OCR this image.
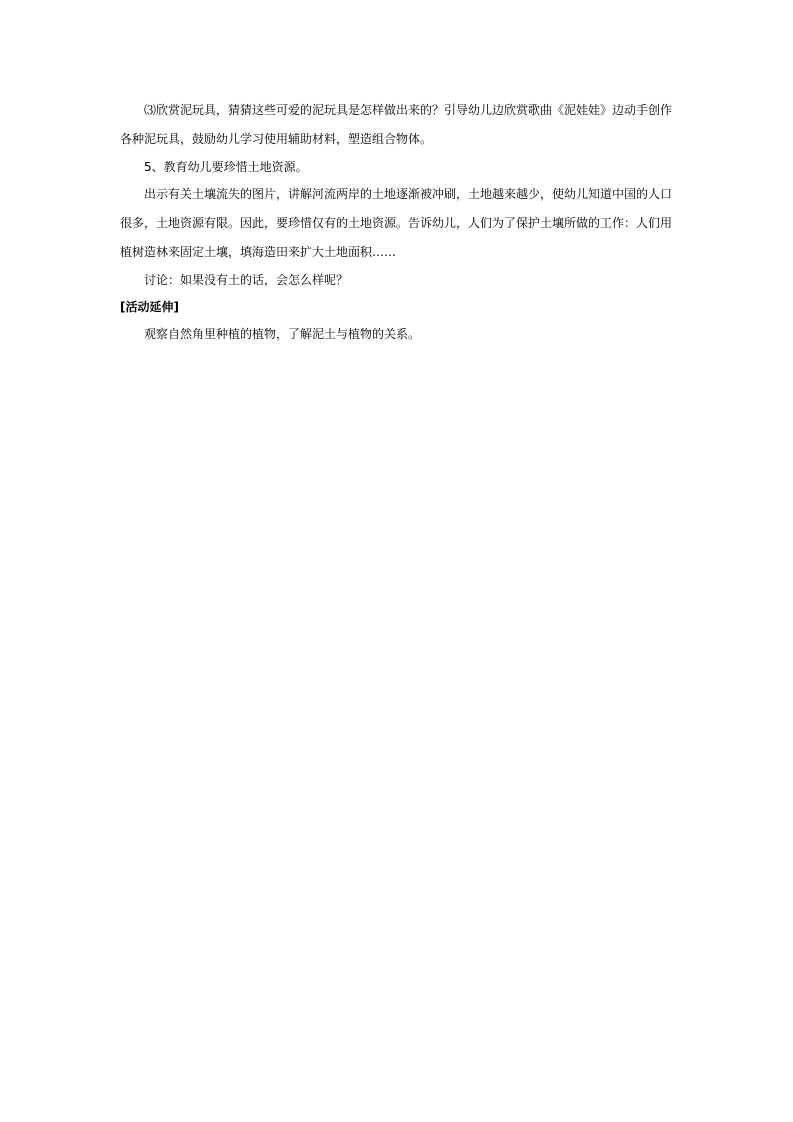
⑶欣赏泥玩具，猜猜这些可爱的泥玩具是怎样做出来的？引导幼儿边欣赏歌曲《泥娃娃》边动手创作各种泥玩具，鼓励幼儿学习使用辅助材料，塑造组合物体。

5、教育幼儿要珍惜土地资源。

出示有关土壤流失的图片，讲解河流两岸的土地逐渐被冲刷，土地越来越少，使幼儿知道中国的人口很多，土地资源有限。因此，要珍惜仅有的土地资源。告诉幼儿，人们为了保护土壤所做的工作：人们用植树造林来固定土壤，填海造田来扩大土地面积……

讨论：如果没有土的话，会怎么样呢？

[活动延伸]

观察自然角里种植的植物，了解泥土与植物的关系。
